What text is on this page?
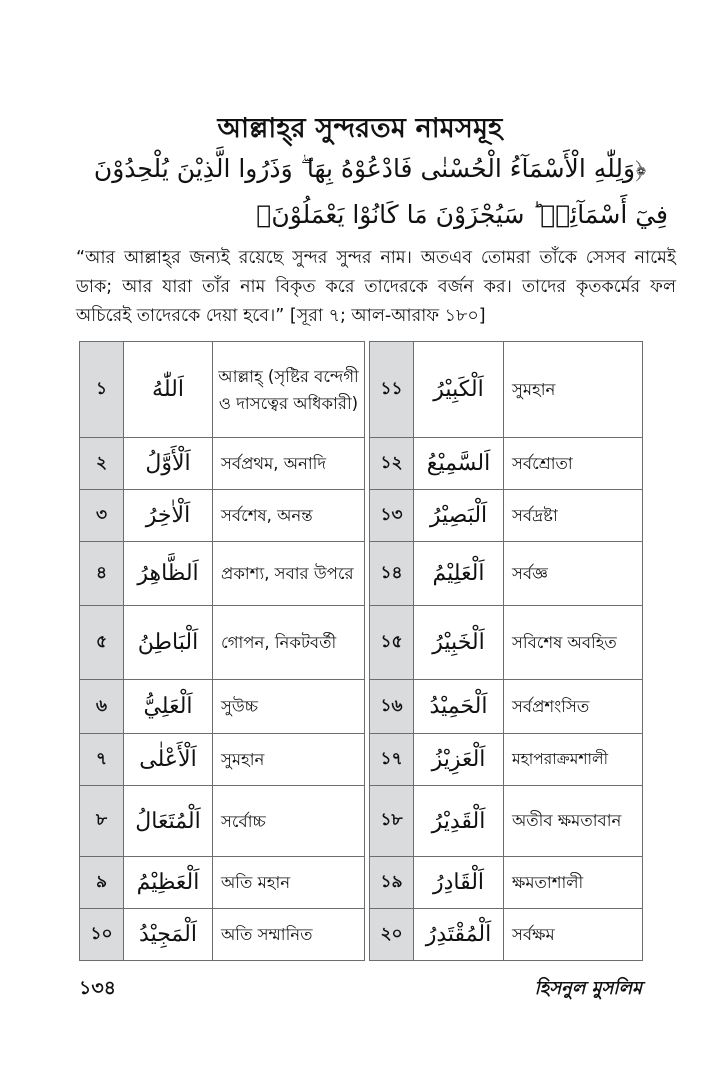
আল্লাহ্‌র সুন্দরতম নামসমূহ
﴿وَلِلّٰهِ الْأَسْمَآءُ الْحُسْنٰى فَادْعُوْهُ بِهَا ۖ وَذَرُوا الَّذِيْنَ يُلْحِدُوْنَ
فِيٓ أَسْمَآئِهٖ ؕ سَيُجْزَوْنَ مَا كَانُوْا يَعْمَلُوْنَ﴾
“আর আল্লাহ্‌র জন্যই রয়েছে সুন্দর সুন্দর নাম। অতএব তোমরা তাঁকে সেসব নামেই ডাক; আর যারা তাঁর নাম বিকৃত করে তাদেরকে বর্জন কর। তাদের কৃতকর্মের ফল অচিরেই তাদেরকে দেয়া হবে।” [সূরা ৭; আল-আরাফ ১৮০]
১	اَللّٰهُ	আল্লাহ্‌ (সৃষ্টির বন্দেগী ও দাসত্বের অধিকারী)
২	اَلْأَوَّلُ	সর্বপ্রথম, অনাদি
৩	اَلْاٰخِرُ	সর্বশেষ, অনন্ত
৪	اَلظَّاهِرُ	প্রকাশ্য, সবার উপরে
৫	اَلْبَاطِنُ	গোপন, নিকটবর্তী
৬	اَلْعَلِيُّ	সুউচ্চ
৭	اَلْأَعْلٰى	সুমহান
৮	اَلْمُتَعَالُ	সর্বোচ্চ
৯	اَلْعَظِيْمُ	অতি মহান
১০	اَلْمَجِيْدُ	অতি সম্মানিত
১১	اَلْكَبِيْرُ	সুমহান
১২	اَلسَّمِيْعُ	সর্বশ্রোতা
১৩	اَلْبَصِيْرُ	সর্বদ্রষ্টা
১৪	اَلْعَلِيْمُ	সর্বজ্ঞ
১৫	اَلْخَبِيْرُ	সবিশেষ অবহিত
১৬	اَلْحَمِيْدُ	সর্বপ্রশংসিত
১৭	اَلْعَزِيْزُ	মহাপরাক্রমশালী
১৮	اَلْقَدِيْرُ	অতীব ক্ষমতাবান
১৯	اَلْقَادِرُ	ক্ষমতাশালী
২০	اَلْمُقْتَدِرُ	সর্বক্ষম
১৩৪	হিসনুল মুসলিম
